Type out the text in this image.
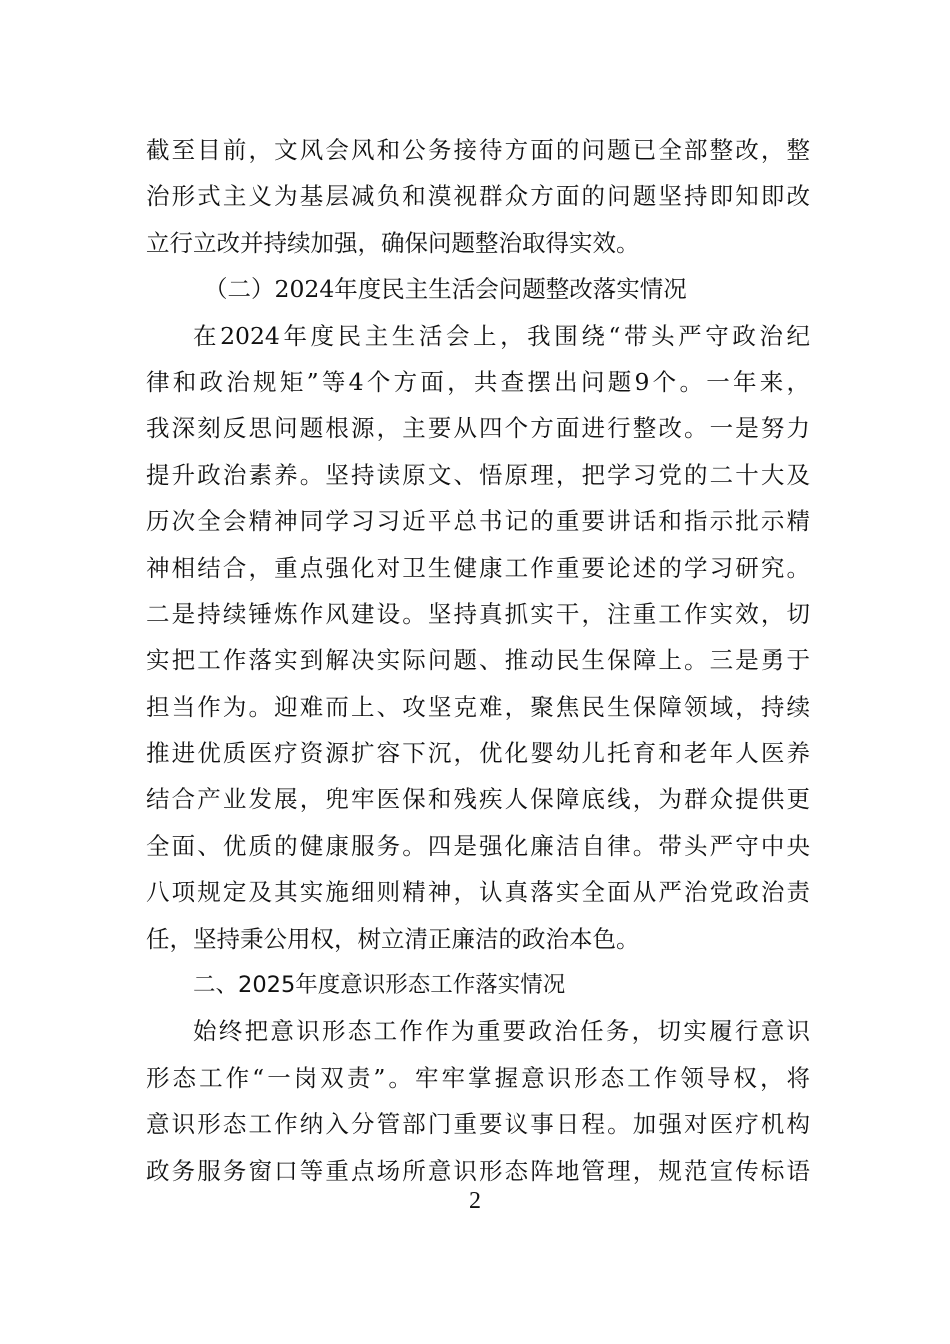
截至目前，文风会风和公务接待方面的问题已全部整改，整
治形式主义为基层减负和漠视群众方面的问题坚持即知即改
立行立改并持续加强，确保问题整治取得实效。
（二）2024年度民主生活会问题整改落实情况
在2024年度民主生活会上，我围绕“带头严守政治纪
律和政治规矩”等4个方面，共查摆出问题9个。一年来，
我深刻反思问题根源，主要从四个方面进行整改。一是努力
提升政治素养。坚持读原文、悟原理，把学习党的二十大及
历次全会精神同学习习近平总书记的重要讲话和指示批示精
神相结合，重点强化对卫生健康工作重要论述的学习研究。
二是持续锤炼作风建设。坚持真抓实干，注重工作实效，切
实把工作落实到解决实际问题、推动民生保障上。三是勇于
担当作为。迎难而上、攻坚克难，聚焦民生保障领域，持续
推进优质医疗资源扩容下沉，优化婴幼儿托育和老年人医养
结合产业发展，兜牢医保和残疾人保障底线，为群众提供更
全面、优质的健康服务。四是强化廉洁自律。带头严守中央
八项规定及其实施细则精神，认真落实全面从严治党政治责
任，坚持秉公用权，树立清正廉洁的政治本色。
二、2025年度意识形态工作落实情况
始终把意识形态工作作为重要政治任务，切实履行意识
形态工作“一岗双责”。牢牢掌握意识形态工作领导权，将
意识形态工作纳入分管部门重要议事日程。加强对医疗机构
政务服务窗口等重点场所意识形态阵地管理，规范宣传标语
2
